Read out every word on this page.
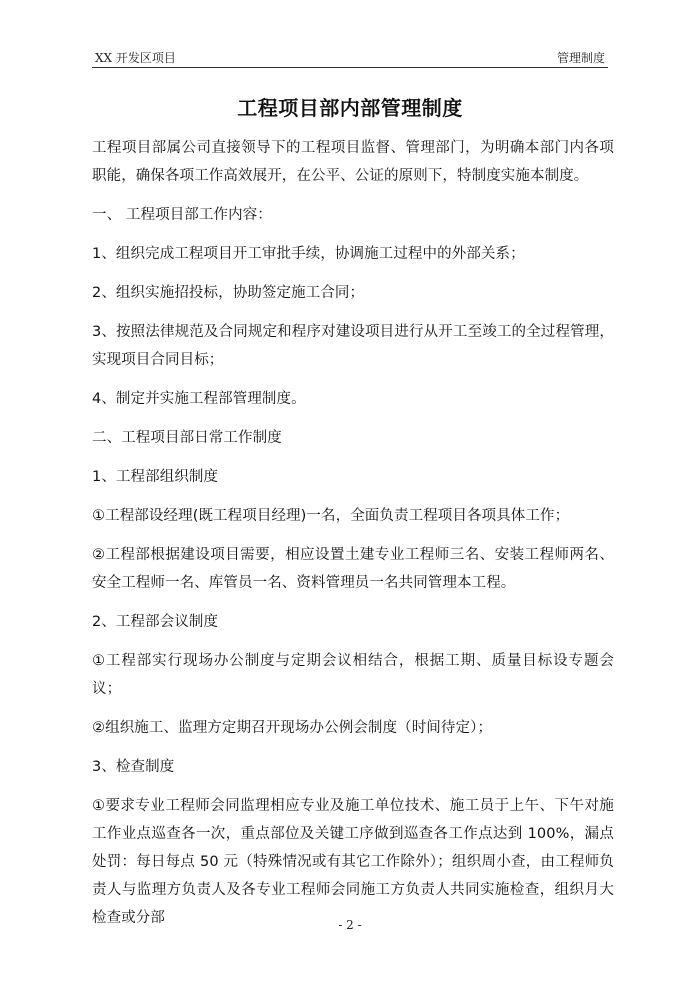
XX 开发区项目	管理制度
工程项目部内部管理制度

工程项目部属公司直接领导下的工程项目监督、管理部门，为明确本部门内各项职能，确保各项工作高效展开，在公平、公证的原则下，特制度实施本制度。

一、 工程项目部工作内容：

1、组织完成工程项目开工审批手续，协调施工过程中的外部关系；

2、组织实施招投标，协助签定施工合同；

3、按照法律规范及合同规定和程序对建设项目进行从开工至竣工的全过程管理，实现项目合同目标；

4、制定并实施工程部管理制度。

二、工程项目部日常工作制度

1、工程部组织制度

①工程部设经理(既工程项目经理)一名，全面负责工程项目各项具体工作；

②工程部根据建设项目需要，相应设置土建专业工程师三名、安装工程师两名、安全工程师一名、库管员一名、资料管理员一名共同管理本工程。

2、工程部会议制度

①工程部实行现场办公制度与定期会议相结合，根据工期、质量目标设专题会议；

②组织施工、监理方定期召开现场办公例会制度（时间待定）；

3、检查制度

①要求专业工程师会同监理相应专业及施工单位技术、施工员于上午、下午对施工作业点巡查各一次，重点部位及关键工序做到巡查各工作点达到 100%，漏点处罚：每日每点 50 元（特殊情况或有其它工作除外）；组织周小查，由工程师负责人与监理方负责人及各专业工程师会同施工方负责人共同实施检查，组织月大检查或分部	- 2 -
